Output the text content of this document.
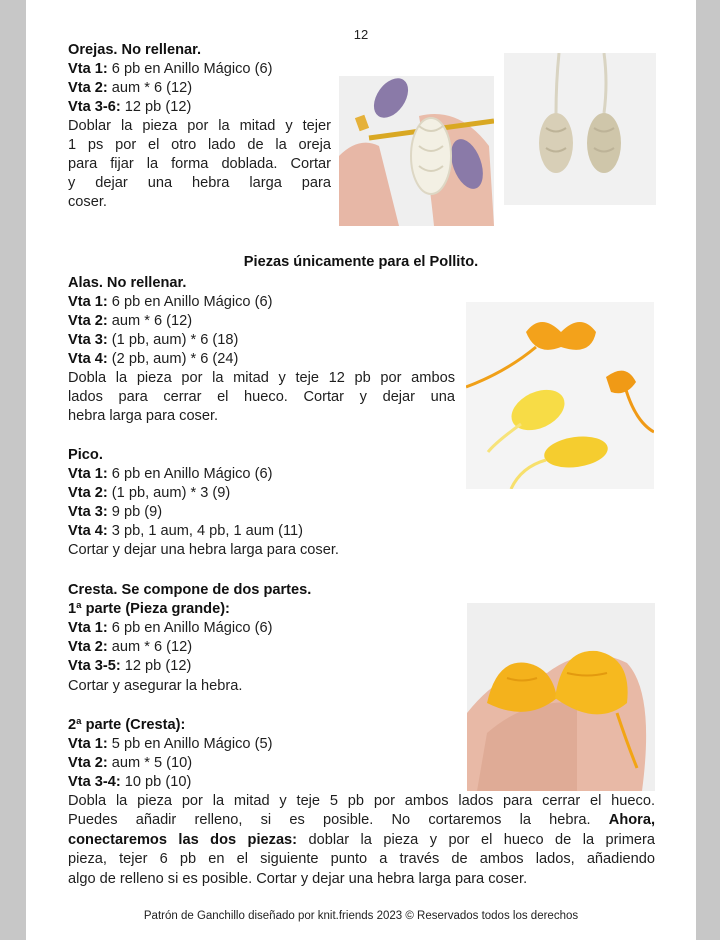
12
Orejas. No rellenar.
Vta 1: 6 pb en Anillo Mágico (6)
Vta 2: aum * 6 (12)
Vta 3-6: 12 pb (12)
Doblar la pieza por la mitad y tejer
1 ps por el otro lado de la oreja
para fijar la forma doblada. Cortar
y dejar una hebra larga para
coser.
Piezas únicamente para el Pollito.
Alas. No rellenar.
Vta 1: 6 pb en Anillo Mágico (6)
Vta 2: aum * 6 (12)
Vta 3: (1 pb, aum) * 6 (18)
Vta 4: (2 pb, aum) * 6 (24)
Dobla la pieza por la mitad y teje 12 pb por ambos
lados para cerrar el hueco. Cortar y dejar una
hebra larga para coser.
Pico.
Vta 1: 6 pb en Anillo Mágico (6)
Vta 2: (1 pb, aum) * 3 (9)
Vta 3: 9 pb (9)
Vta 4: 3 pb, 1 aum, 4 pb, 1 aum (11)
Cortar y dejar una hebra larga para coser.
Cresta. Se compone de dos partes.
1ª parte (Pieza grande):
Vta 1: 6 pb en Anillo Mágico (6)
Vta 2: aum * 6 (12)
Vta 3-5: 12 pb (12)
Cortar y asegurar la hebra.
2ª parte (Cresta):
Vta 1: 5 pb en Anillo Mágico (5)
Vta 2: aum * 5 (10)
Vta 3-4: 10 pb (10)
Dobla la pieza por la mitad y teje 5 pb por ambos lados para cerrar el hueco.
Puedes añadir relleno, si es posible. No cortaremos la hebra. Ahora,
conectaremos las dos piezas: doblar la pieza y por el hueco de la primera
pieza, tejer 6 pb en el siguiente punto a través de ambos lados, añadiendo
algo de relleno si es posible. Cortar y dejar una hebra larga para coser.
Patrón de Ganchillo diseñado por knit.friends 2023 © Reservados todos los derechos
